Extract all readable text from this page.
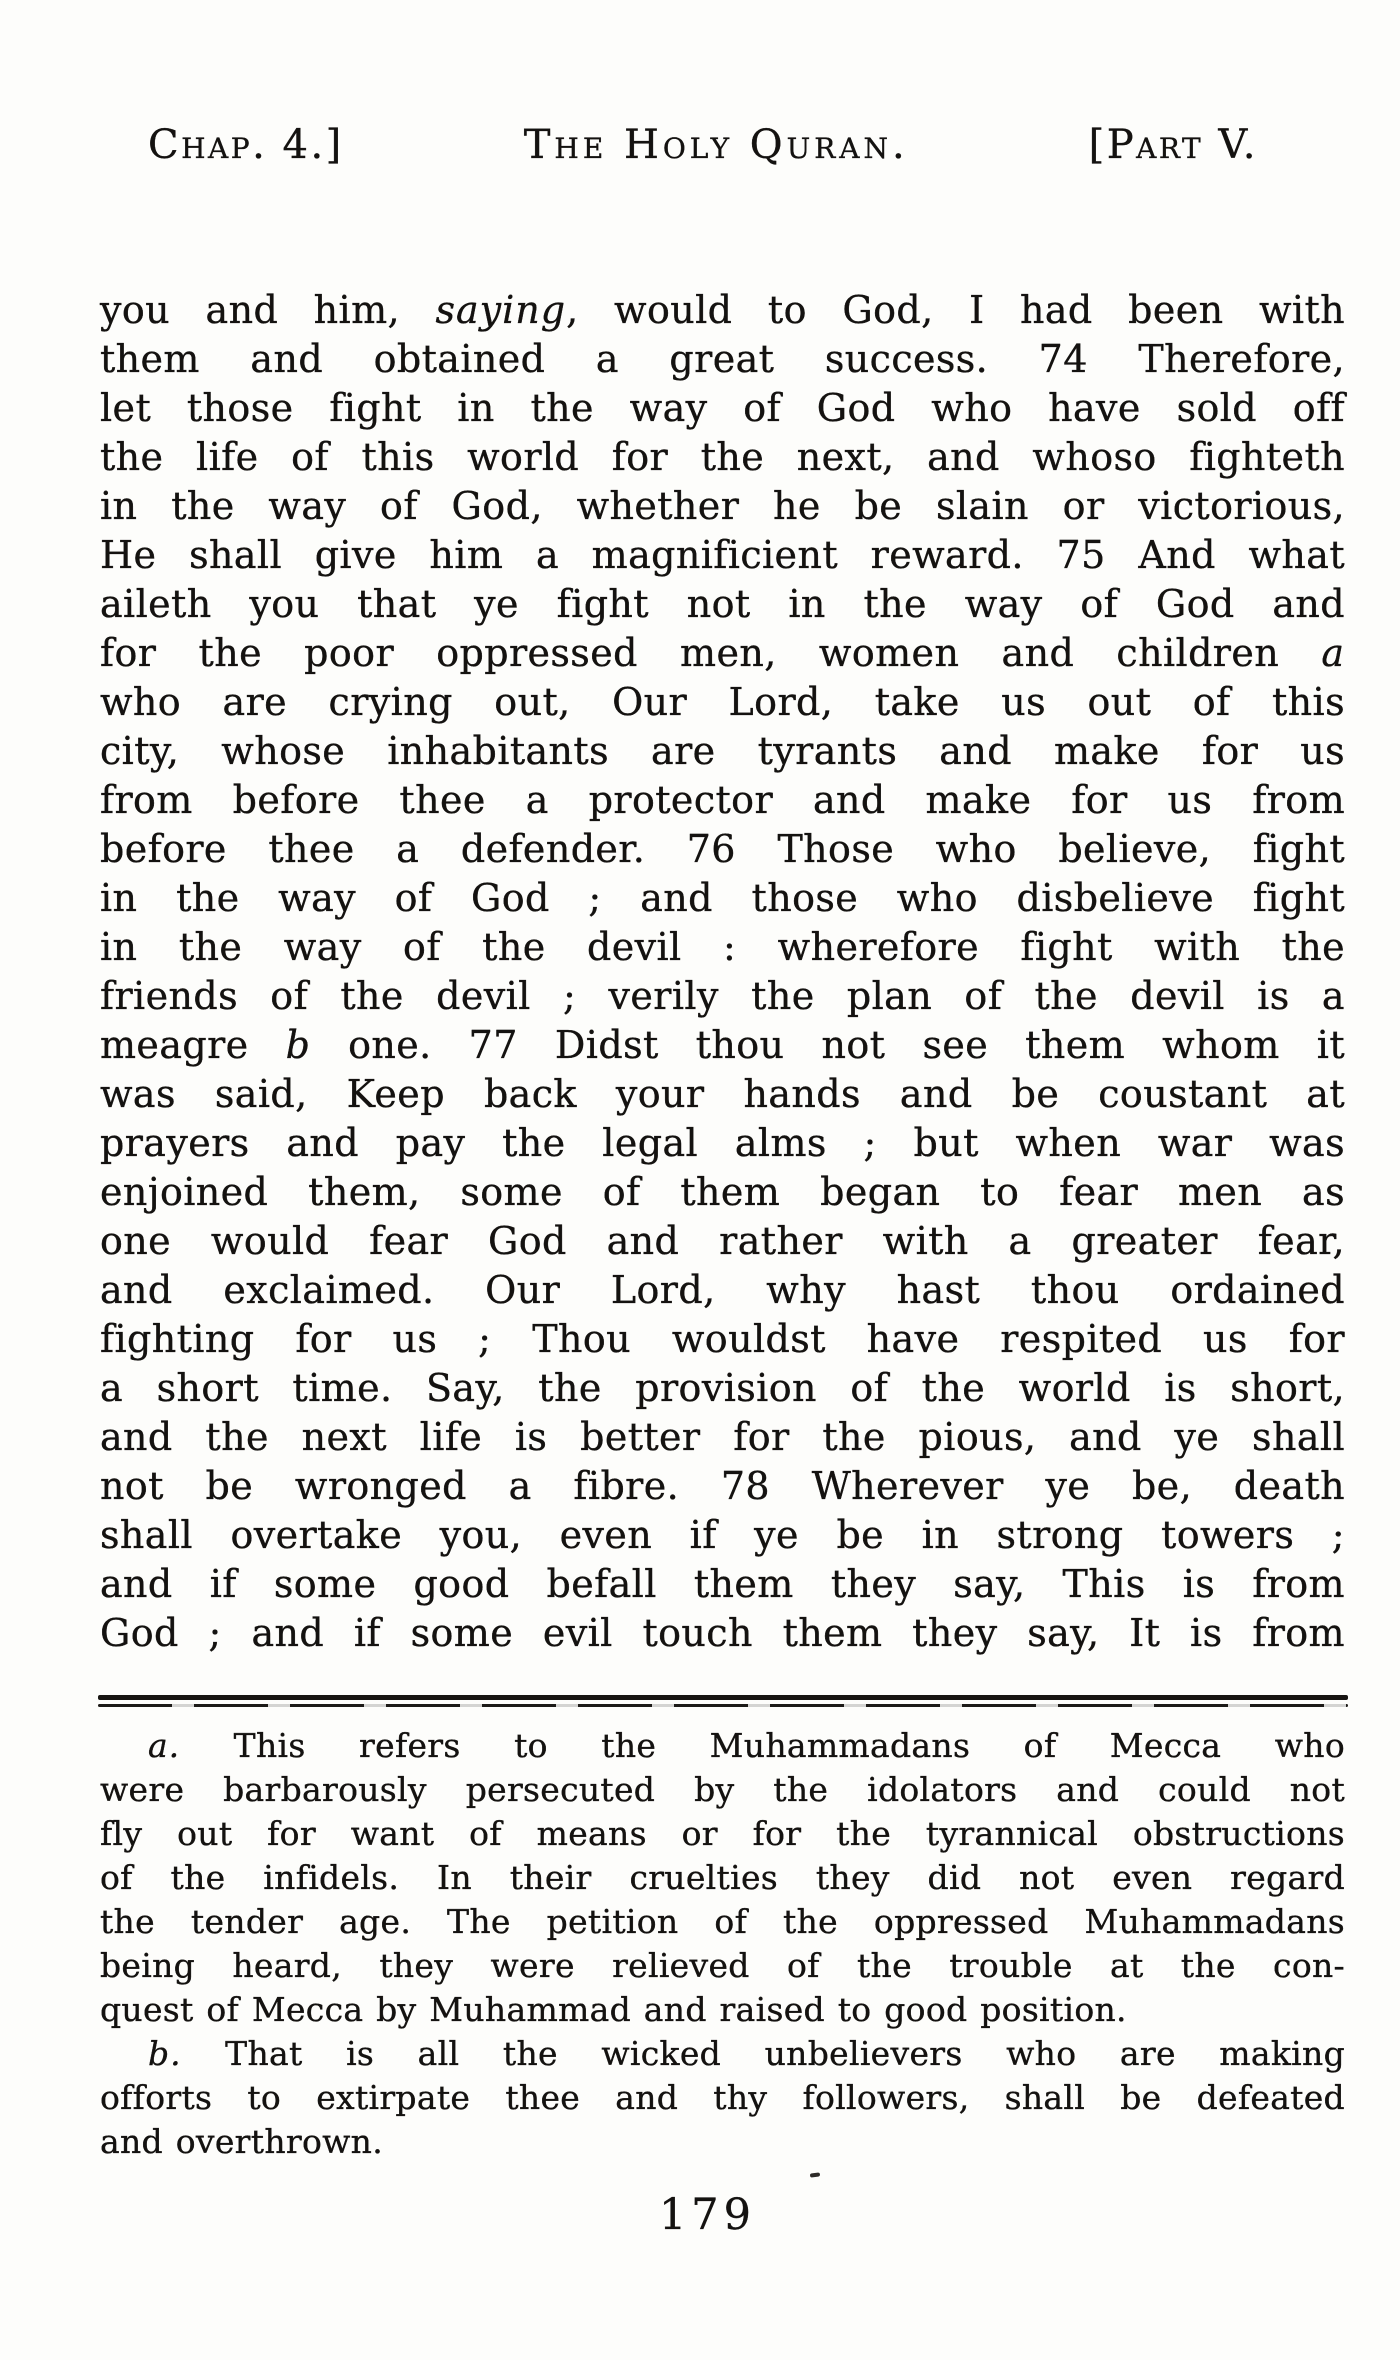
Chap. 4.]	The Holy Quran.	[Part V.
you and him, saying, would to God, I had been with
them and obtained a great success. 74 Therefore,
let those fight in the way of God who have sold off
the life of this world for the next, and whoso fighteth
in the way of God, whether he be slain or victorious,
He shall give him a magnificient reward. 75 And what
aileth you that ye fight not in the way of God and
for the poor oppressed men, women and children a
who are crying out, Our Lord, take us out of this
city, whose inhabitants are tyrants and make for us
from before thee a protector and make for us from
before thee a defender. 76 Those who believe, fight
in the way of God ; and those who disbelieve fight
in the way of the devil : wherefore fight with the
friends of the devil ; verily the plan of the devil is a
meagre b one. 77 Didst thou not see them whom it
was said, Keep back your hands and be coustant at
prayers and pay the legal alms ; but when war was
enjoined them, some of them began to fear men as
one would fear God and rather with a greater fear,
and exclaimed. Our Lord, why hast thou ordained
fighting for us ; Thou wouldst have respited us for
a short time. Say, the provision of the world is short,
and the next life is better for the pious, and ye shall
not be wronged a fibre. 78 Wherever ye be, death
shall overtake you, even if ye be in strong towers ;
and if some good befall them they say, This is from
God ; and if some evil touch them they say, It is from
a. This refers to the Muhammadans of Mecca who
were barbarously persecuted by the idolators and could not
fly out for want of means or for the tyrannical obstructions
of the infidels. In their cruelties they did not even regard
the tender age. The petition of the oppressed Muhammadans
being heard, they were relieved of the trouble at the con-
quest of Mecca by Muhammad and raised to good position.
b. That is all the wicked unbelievers who are making
offorts to extirpate thee and thy followers, shall be defeated
and overthrown.
179
